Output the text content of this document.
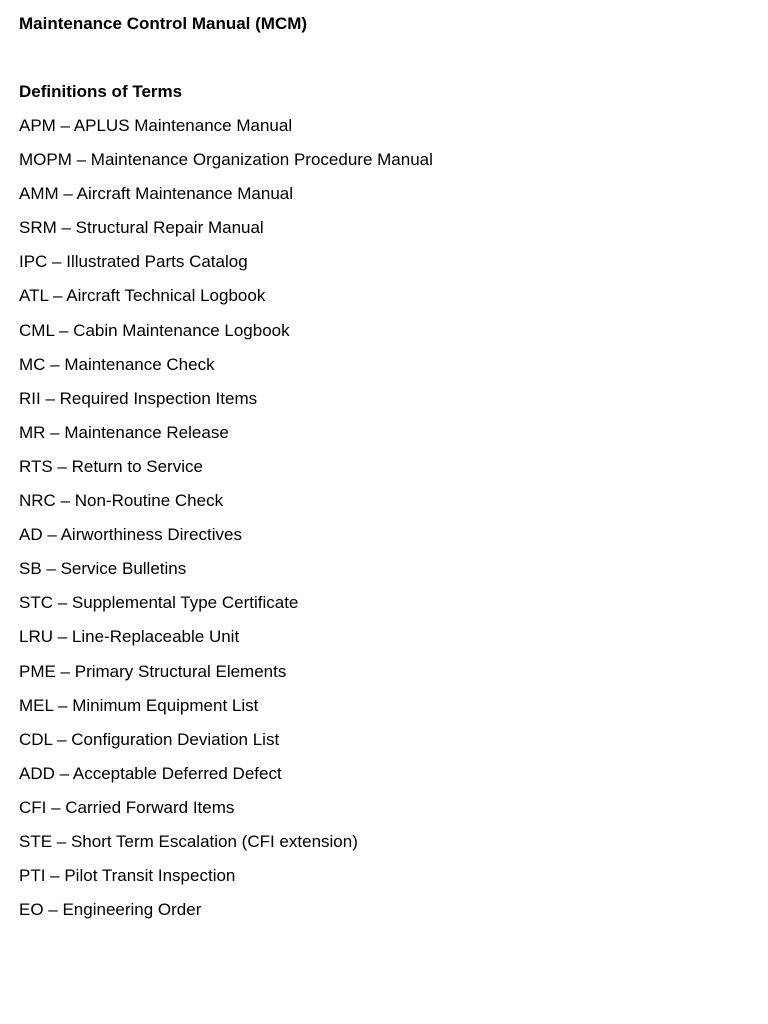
Maintenance Control Manual (MCM)
Definitions of Terms
APM – APLUS Maintenance Manual
MOPM – Maintenance Organization Procedure Manual
AMM – Aircraft Maintenance Manual
SRM – Structural Repair Manual
IPC – Illustrated Parts Catalog
ATL – Aircraft Technical Logbook
CML – Cabin Maintenance Logbook
MC – Maintenance Check
RII – Required Inspection Items
MR – Maintenance Release
RTS – Return to Service
NRC – Non-Routine Check
AD – Airworthiness Directives
SB – Service Bulletins
STC – Supplemental Type Certificate
LRU – Line-Replaceable Unit
PME – Primary Structural Elements
MEL – Minimum Equipment List
CDL – Configuration Deviation List
ADD – Acceptable Deferred Defect
CFI – Carried Forward Items
STE – Short Term Escalation (CFI extension)
PTI – Pilot Transit Inspection
EO – Engineering Order
